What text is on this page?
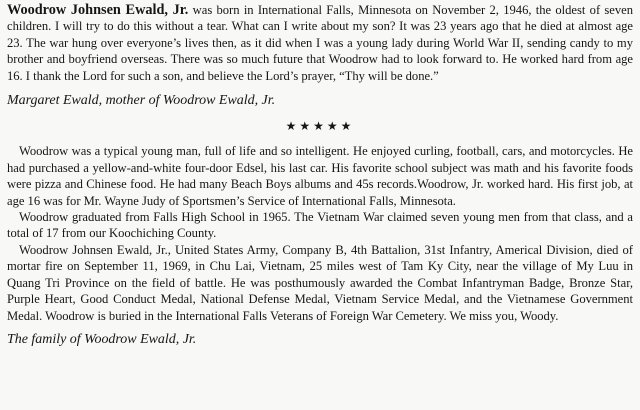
Woodrow Johnsen Ewald, Jr. was born in International Falls, Minnesota on November 2, 1946, the oldest of seven children. I will try to do this without a tear. What can I write about my son? It was 23 years ago that he died at almost age 23. The war hung over everyone’s lives then, as it did when I was a young lady during World War II, sending candy to my brother and boyfriend overseas. There was so much future that Woodrow had to look forward to. He worked hard from age 16. I thank the Lord for such a son, and believe the Lord’s prayer, “Thy will be done.”

Margaret Ewald, mother of Woodrow Ewald, Jr.

★★★★★

Woodrow was a typical young man, full of life and so intelligent. He enjoyed curling, football, cars, and motorcycles. He had purchased a yellow-and-white four-door Edsel, his last car. His favorite school subject was math and his favorite foods were pizza and Chinese food. He had many Beach Boys albums and 45s records.Woodrow, Jr. worked hard. His first job, at age 16 was for Mr. Wayne Judy of Sportsmen’s Service of International Falls, Minnesota.

Woodrow graduated from Falls High School in 1965. The Vietnam War claimed seven young men from that class, and a total of 17 from our Koochiching County.

Woodrow Johnsen Ewald, Jr., United States Army, Company B, 4th Battalion, 31st Infantry, Americal Division, died of mortar fire on September 11, 1969, in Chu Lai, Vietnam, 25 miles west of Tam Ky City, near the village of My Luu in Quang Tri Province on the field of battle. He was posthumously awarded the Combat Infantryman Badge, Bronze Star, Purple Heart, Good Conduct Medal, National Defense Medal, Vietnam Service Medal, and the Vietnamese Government Medal. Woodrow is buried in the International Falls Veterans of Foreign War Cemetery. We miss you, Woody.

The family of Woodrow Ewald, Jr.
